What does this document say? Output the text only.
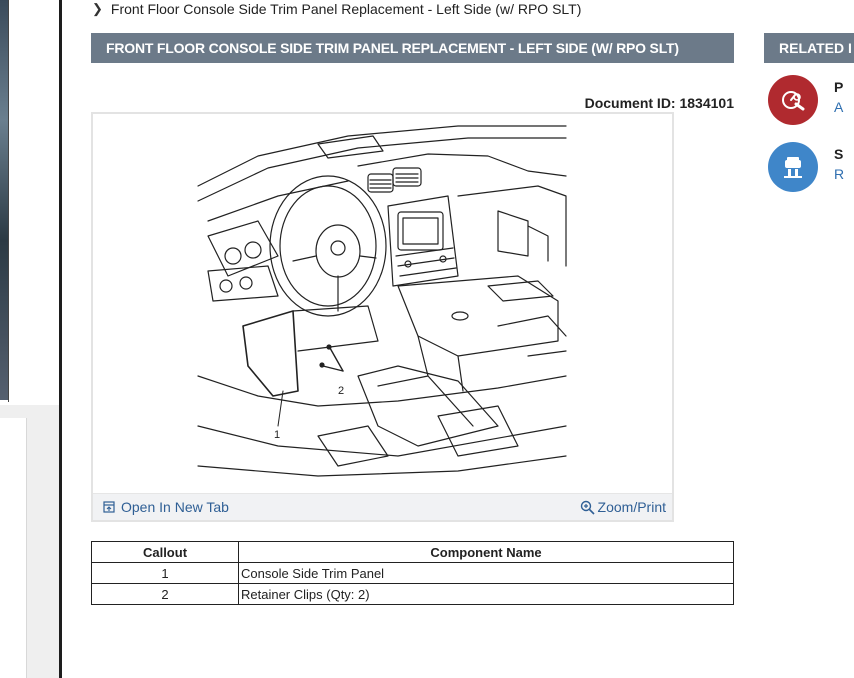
❯ Front Floor Console Side Trim Panel Replacement - Left Side (w/ RPO SLT)
FRONT FLOOR CONSOLE SIDE TRIM PANEL REPLACEMENT - LEFT SIDE (W/ RPO SLT)	RELATED I
P
A
S
R
Document ID: 1834101
2
1
Open In New Tab	Zoom/Print
Callout	Component Name
1	Console Side Trim Panel
2	Retainer Clips (Qty: 2)
